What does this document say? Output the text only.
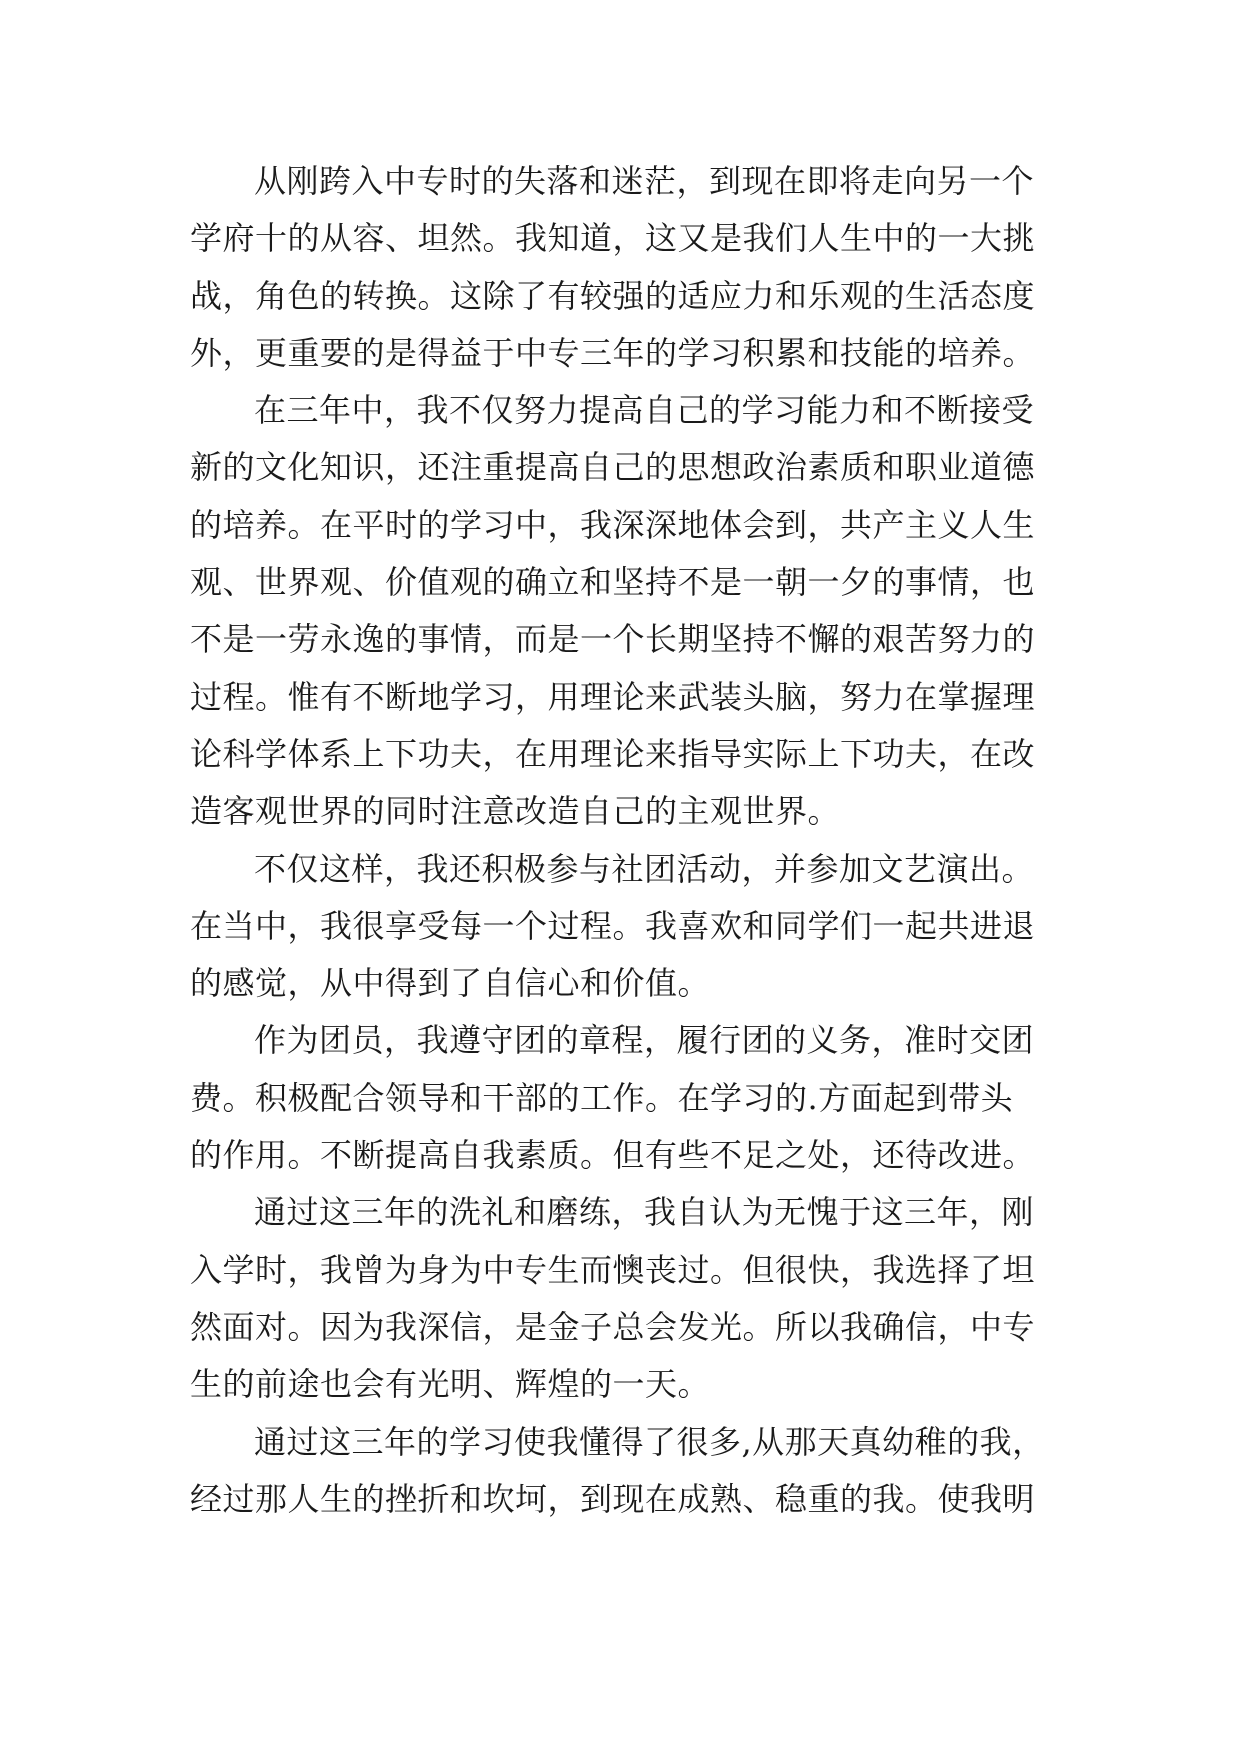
从刚跨入中专时的失落和迷茫，到现在即将走向另一个
学府十的从容、坦然。我知道，这又是我们人生中的一大挑
战，角色的转换。这除了有较强的适应力和乐观的生活态度
外，更重要的是得益于中专三年的学习积累和技能的培养。
在三年中，我不仅努力提高自己的学习能力和不断接受
新的文化知识，还注重提高自己的思想政治素质和职业道德
的培养。在平时的学习中，我深深地体会到，共产主义人生
观、世界观、价值观的确立和坚持不是一朝一夕的事情，也
不是一劳永逸的事情，而是一个长期坚持不懈的艰苦努力的
过程。惟有不断地学习，用理论来武装头脑，努力在掌握理
论科学体系上下功夫，在用理论来指导实际上下功夫，在改
造客观世界的同时注意改造自己的主观世界。
不仅这样，我还积极参与社团活动，并参加文艺演出。
在当中，我很享受每一个过程。我喜欢和同学们一起共进退
的感觉，从中得到了自信心和价值。
作为团员，我遵守团的章程，履行团的义务，准时交团
费。积极配合领导和干部的工作。在学习的.方面起到带头
的作用。不断提高自我素质。但有些不足之处，还待改进。
通过这三年的洗礼和磨练，我自认为无愧于这三年，刚
入学时，我曾为身为中专生而懊丧过。但很快，我选择了坦
然面对。因为我深信，是金子总会发光。所以我确信，中专
生的前途也会有光明、辉煌的一天。
通过这三年的学习使我懂得了很多,从那天真幼稚的我，
经过那人生的挫折和坎坷，到现在成熟、稳重的我。使我明
